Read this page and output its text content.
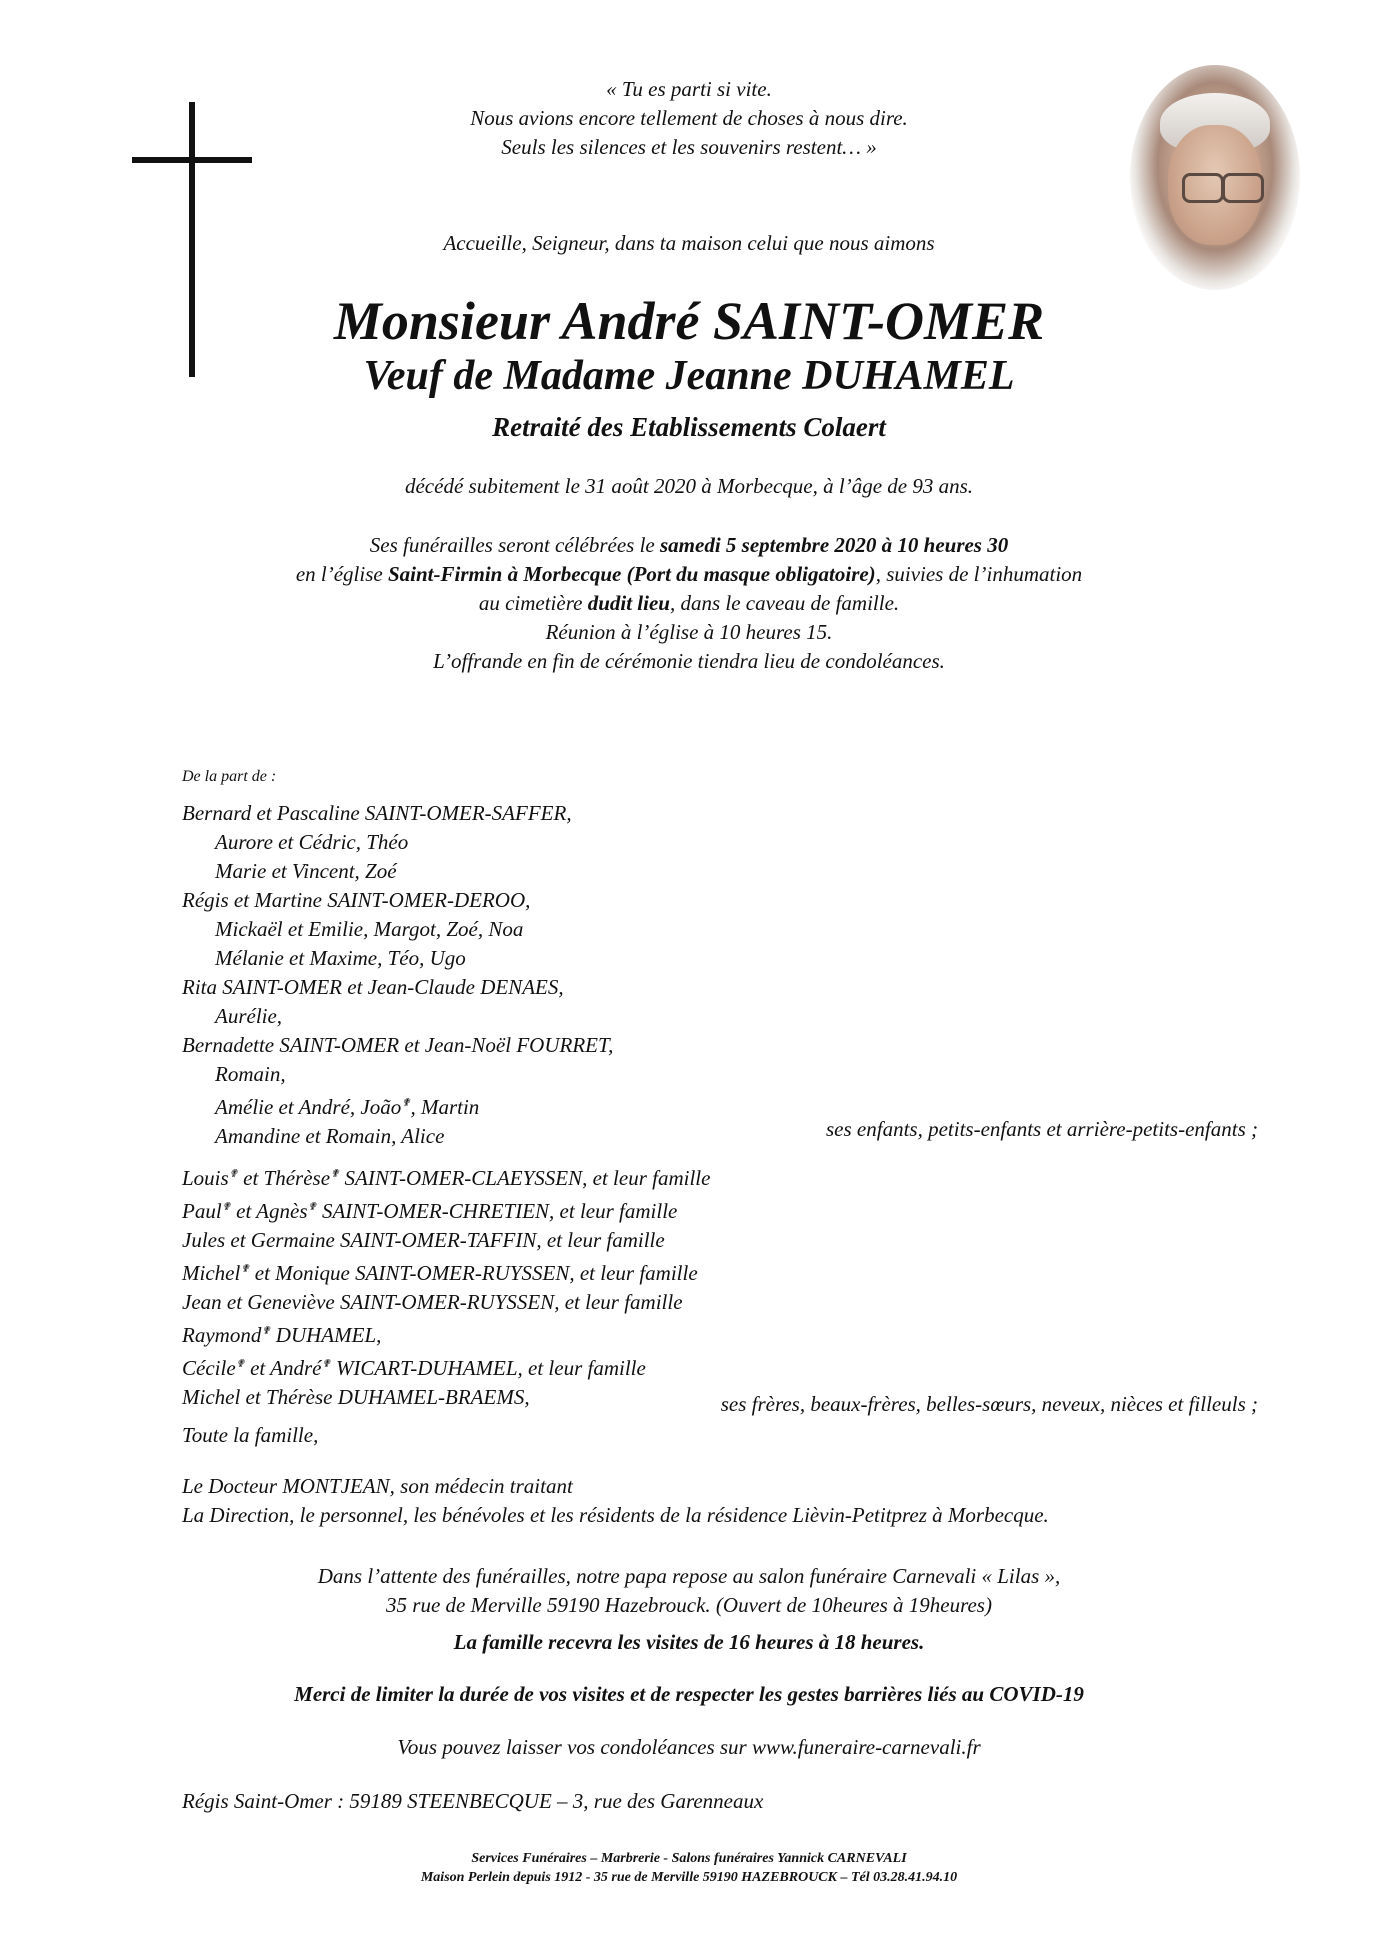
« Tu es parti si vite.
Nous avions encore tellement de choses à nous dire.
Seuls les silences et les souvenirs restent… »
Accueille, Seigneur, dans ta maison celui que nous aimons
Monsieur André SAINT-OMER
Veuf de Madame Jeanne DUHAMEL
Retraité des Etablissements Colaert
décédé subitement le 31 août 2020 à Morbecque, à l’âge de 93 ans.
Ses funérailles seront célébrées le samedi 5 septembre 2020 à 10 heures 30
en l’église Saint-Firmin à Morbecque (Port du masque obligatoire), suivies de l’inhumation
au cimetière dudit lieu, dans le caveau de famille.
Réunion à l’église à 10 heures 15.
L’offrande en fin de cérémonie tiendra lieu de condoléances.
De la part de :
Bernard et Pascaline SAINT-OMER-SAFFER,
Aurore et Cédric, Théo
Marie et Vincent, Zoé
Régis et Martine SAINT-OMER-DEROO,
Mickaël et Emilie, Margot, Zoé, Noa
Mélanie et Maxime, Téo, Ugo
Rita SAINT-OMER et Jean-Claude DENAES,
Aurélie,
Bernadette SAINT-OMER et Jean-Noël FOURRET,
Romain,
Amélie et André, João✟, Martin
Amandine et Romain, Alice	ses enfants, petits-enfants et arrière-petits-enfants ;
Louis✟ et Thérèse✟ SAINT-OMER-CLAEYSSEN, et leur famille
Paul✟ et Agnès✟ SAINT-OMER-CHRETIEN, et leur famille
Jules et Germaine SAINT-OMER-TAFFIN, et leur famille
Michel✟ et Monique SAINT-OMER-RUYSSEN, et leur famille
Jean et Geneviève SAINT-OMER-RUYSSEN, et leur famille
Raymond✟ DUHAMEL,
Cécile✟ et André✟ WICART-DUHAMEL, et leur famille
Michel et Thérèse DUHAMEL-BRAEMS,	ses frères, beaux-frères, belles-sœurs, neveux, nièces et filleuls ;
Toute la famille,
Le Docteur MONTJEAN, son médecin traitant
La Direction, le personnel, les bénévoles et les résidents de la résidence Lièvin-Petitprez à Morbecque.
Dans l’attente des funérailles, notre papa repose au salon funéraire Carnevali « Lilas »,
35 rue de Merville 59190 Hazebrouck. (Ouvert de 10heures à 19heures)
La famille recevra les visites de 16 heures à 18 heures.
Merci de limiter la durée de vos visites et de respecter les gestes barrières liés au COVID-19
Vous pouvez laisser vos condoléances sur www.funeraire-carnevali.fr
Régis Saint-Omer : 59189 STEENBECQUE – 3, rue des Garenneaux
Services Funéraires – Marbrerie - Salons funéraires Yannick CARNEVALI
Maison Perlein depuis 1912 - 35 rue de Merville 59190 HAZEBROUCK – Tél 03.28.41.94.10
